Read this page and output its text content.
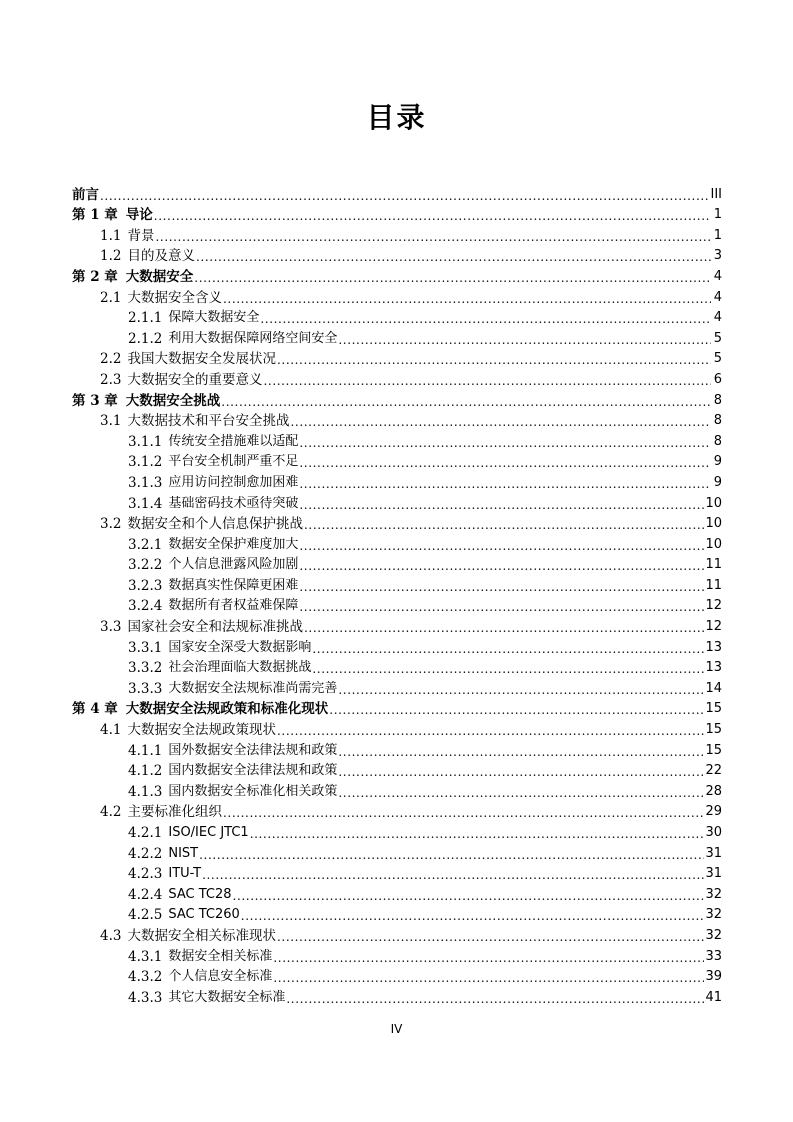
目录
前言 .....	III
第 1 章 导论 .....	1
1.1 背景 .....	1
1.2 目的及意义 .....	3
第 2 章 大数据安全 .....	4
2.1 大数据安全含义 .....	4
2.1.1 保障大数据安全 .....	4
2.1.2 利用大数据保障网络空间安全 .....	5
2.2 我国大数据安全发展状况 .....	5
2.3 大数据安全的重要意义 .....	6
第 3 章 大数据安全挑战 .....	8
3.1 大数据技术和平台安全挑战 .....	8
3.1.1 传统安全措施难以适配 .....	8
3.1.2 平台安全机制严重不足 .....	9
3.1.3 应用访问控制愈加困难 .....	9
3.1.4 基础密码技术亟待突破 .....	10
3.2 数据安全和个人信息保护挑战 .....	10
3.2.1 数据安全保护难度加大 .....	10
3.2.2 个人信息泄露风险加剧 .....	11
3.2.3 数据真实性保障更困难 .....	11
3.2.4 数据所有者权益难保障 .....	12
3.3 国家社会安全和法规标准挑战 .....	12
3.3.1 国家安全深受大数据影响 .....	13
3.3.2 社会治理面临大数据挑战 .....	13
3.3.3 大数据安全法规标准尚需完善 .....	14
第 4 章 大数据安全法规政策和标准化现状 .....	15
4.1 大数据安全法规政策现状 .....	15
4.1.1 国外数据安全法律法规和政策 .....	15
4.1.2 国内数据安全法律法规和政策 .....	22
4.1.3 国内数据安全标准化相关政策 .....	28
4.2 主要标准化组织 .....	29
4.2.1 ISO/IEC JTC1 .....	30
4.2.2 NIST .....	31
4.2.3 ITU-T .....	31
4.2.4 SAC TC28 .....	32
4.2.5 SAC TC260 .....	32
4.3 大数据安全相关标准现状 .....	32
4.3.1 数据安全相关标准 .....	33
4.3.2 个人信息安全标准 .....	39
4.3.3 其它大数据安全标准 .....	41
IV
